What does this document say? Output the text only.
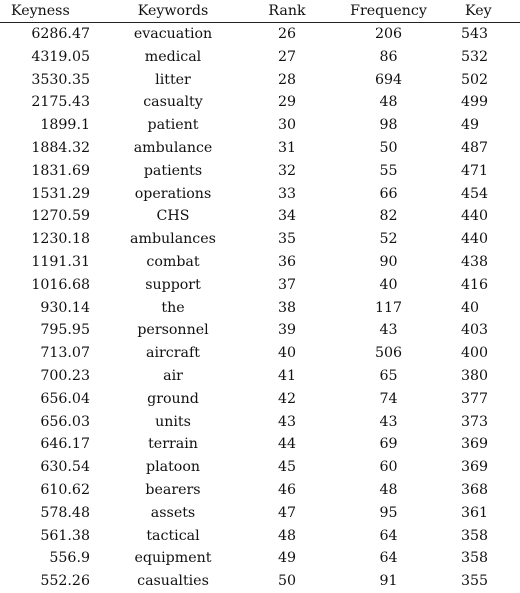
Keyness	Keywords	Rank	Frequency	Key
6286.47	evacuation	26	206	543
4319.05	medical	27	86	532
3530.35	litter	28	694	502
2175.43	casualty	29	48	499
1899.1	patient	30	98	49
1884.32	ambulance	31	50	487
1831.69	patients	32	55	471
1531.29	operations	33	66	454
1270.59	CHS	34	82	440
1230.18	ambulances	35	52	440
1191.31	combat	36	90	438
1016.68	support	37	40	416
930.14	the	38	117	40
795.95	personnel	39	43	403
713.07	aircraft	40	506	400
700.23	air	41	65	380
656.04	ground	42	74	377
656.03	units	43	43	373
646.17	terrain	44	69	369
630.54	platoon	45	60	369
610.62	bearers	46	48	368
578.48	assets	47	95	361
561.38	tactical	48	64	358
556.9	equipment	49	64	358
552.26	casualties	50	91	355
